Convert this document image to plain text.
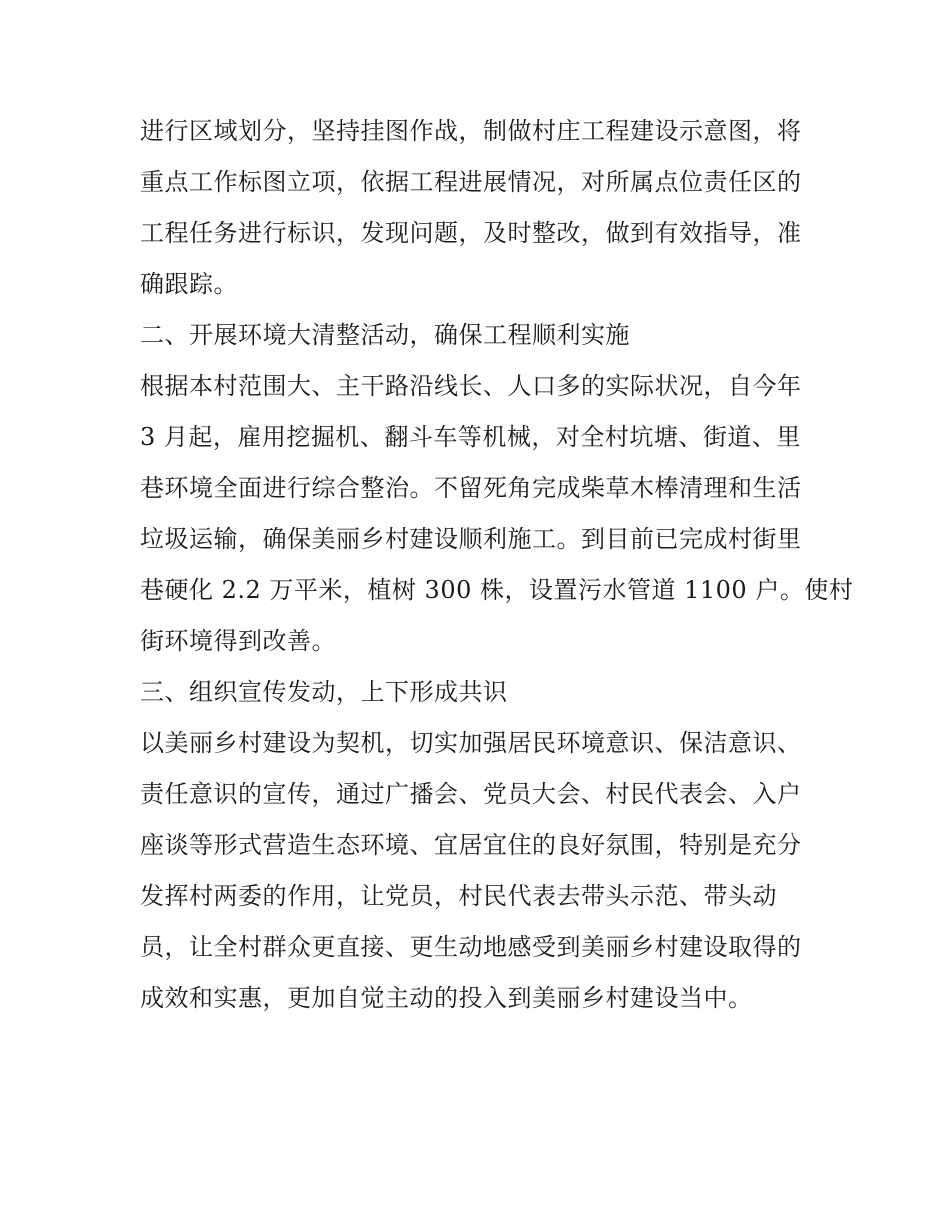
进行区域划分，坚持挂图作战，制做村庄工程建设示意图，将
重点工作标图立项，依据工程进展情况，对所属点位责任区的
工程任务进行标识，发现问题，及时整改，做到有效指导，准
确跟踪。
二、开展环境大清整活动，确保工程顺利实施
根据本村范围大、主干路沿线长、人口多的实际状况，自今年
3 月起，雇用挖掘机、翻斗车等机械，对全村坑塘、街道、里
巷环境全面进行综合整治。不留死角完成柴草木棒清理和生活
垃圾运输，确保美丽乡村建设顺利施工。到目前已完成村街里
巷硬化 2.2 万平米，植树 300 株，设置污水管道 1100 户。使村
街环境得到改善。
三、组织宣传发动，上下形成共识
以美丽乡村建设为契机，切实加强居民环境意识、保洁意识、
责任意识的宣传，通过广播会、党员大会、村民代表会、入户
座谈等形式营造生态环境、宜居宜住的良好氛围，特别是充分
发挥村两委的作用，让党员，村民代表去带头示范、带头动
员，让全村群众更直接、更生动地感受到美丽乡村建设取得的
成效和实惠，更加自觉主动的投入到美丽乡村建设当中。
